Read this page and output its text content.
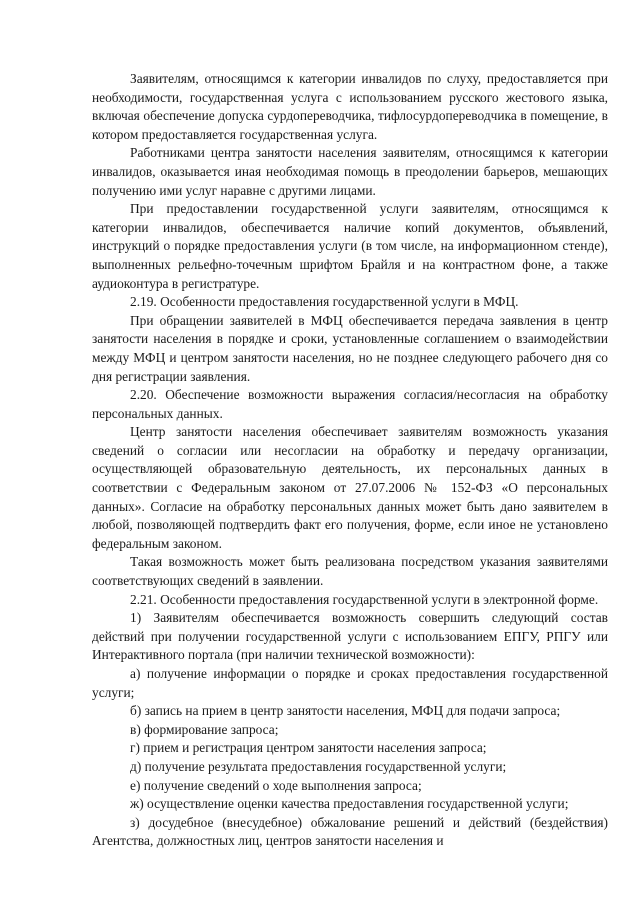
Заявителям, относящимся к категории инвалидов по слуху, предоставляется при необходимости, государственная услуга с использованием русского жестового языка, включая обеспечение допуска сурдопереводчика, тифлосурдопереводчика в помещение, в котором предоставляется государственная услуга.

Работниками центра занятости населения заявителям, относящимся к категории инвалидов, оказывается иная необходимая помощь в преодолении барьеров, мешающих получению ими услуг наравне с другими лицами.

При предоставлении государственной услуги заявителям, относящимся к категории инвалидов, обеспечивается наличие копий документов, объявлений, инструкций о порядке предоставления услуги (в том числе, на информационном стенде), выполненных рельефно-точечным шрифтом Брайля и на контрастном фоне, а также аудиоконтура в регистратуре.

2.19. Особенности предоставления государственной услуги в МФЦ.

При обращении заявителей в МФЦ обеспечивается передача заявления в центр занятости населения в порядке и сроки, установленные соглашением о взаимодействии между МФЦ и центром занятости населения, но не позднее следующего рабочего дня со дня регистрации заявления.

2.20. Обеспечение возможности выражения согласия/несогласия на обработку персональных данных.

Центр занятости населения обеспечивает заявителям возможность указания сведений о согласии или несогласии на обработку и передачу организации, осуществляющей образовательную деятельность, их персональных данных в соответствии с Федеральным законом от 27.07.2006 № 152-ФЗ «О персональных данных». Согласие на обработку персональных данных может быть дано заявителем в любой, позволяющей подтвердить факт его получения, форме, если иное не установлено федеральным законом.

Такая возможность может быть реализована посредством указания заявителями соответствующих сведений в заявлении.

2.21. Особенности предоставления государственной услуги в электронной форме.

1) Заявителям обеспечивается возможность совершить следующий состав действий при получении государственной услуги с использованием ЕПГУ, РПГУ или Интерактивного портала (при наличии технической возможности):

а) получение информации о порядке и сроках предоставления государственной услуги;

б) запись на прием в центр занятости населения, МФЦ для подачи запроса;

в) формирование запроса;

г) прием и регистрация центром занятости населения запроса;

д) получение результата предоставления государственной услуги;

е) получение сведений о ходе выполнения запроса;

ж) осуществление оценки качества предоставления государственной услуги;

з) досудебное (внесудебное) обжалование решений и действий (бездействия) Агентства, должностных лиц, центров занятости населения и
